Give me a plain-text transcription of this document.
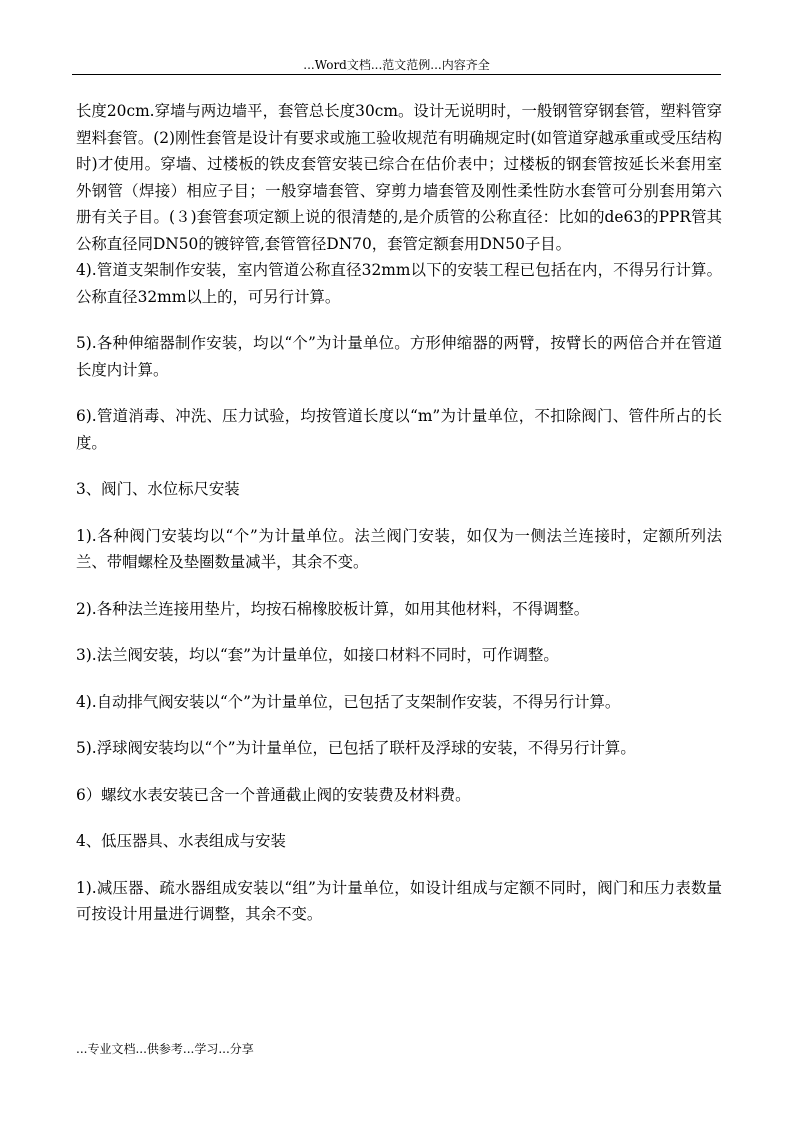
...Word文档...范文范例...内容齐全

长度20cm.穿墙与两边墙平，套管总长度30cm。设计无说明时，一般钢管穿钢套管，塑料管穿塑料套管。(2)刚性套管是设计有要求或施工验收规范有明确规定时(如管道穿越承重或受压结构时)才使用。穿墙、过楼板的铁皮套管安装已综合在估价表中；过楼板的钢套管按延长米套用室外钢管（焊接）相应子目；一般穿墙套管、穿剪力墙套管及刚性柔性防水套管可分别套用第六册有关子目。(３)套管套项定额上说的很清楚的,是介质管的公称直径：比如的de63的PPR管其公称直径同DN50的镀锌管,套管管径DN70，套管定额套用DN50子目。

4).管道支架制作安装，室内管道公称直径32mm以下的安装工程已包括在内，不得另行计算。公称直径32mm以上的，可另行计算。

5).各种伸缩器制作安装，均以“个”为计量单位。方形伸缩器的两臂，按臂长的两倍合并在管道长度内计算。

6).管道消毒、冲洗、压力试验，均按管道长度以“m”为计量单位，不扣除阀门、管件所占的长度。

3、阀门、水位标尺安装

1).各种阀门安装均以“个”为计量单位。法兰阀门安装，如仅为一侧法兰连接时，定额所列法兰、带帽螺栓及垫圈数量减半，其余不变。

2).各种法兰连接用垫片，均按石棉橡胶板计算，如用其他材料，不得调整。

3).法兰阀安装，均以“套”为计量单位，如接口材料不同时，可作调整。

4).自动排气阀安装以“个”为计量单位，已包括了支架制作安装，不得另行计算。

5).浮球阀安装均以“个”为计量单位，已包括了联杆及浮球的安装，不得另行计算。

6）螺纹水表安装已含一个普通截止阀的安装费及材料费。

4、低压器具、水表组成与安装

1).减压器、疏水器组成安装以“组”为计量单位，如设计组成与定额不同时，阀门和压力表数量可按设计用量进行调整，其余不变。

...专业文档...供参考...学习...分享
